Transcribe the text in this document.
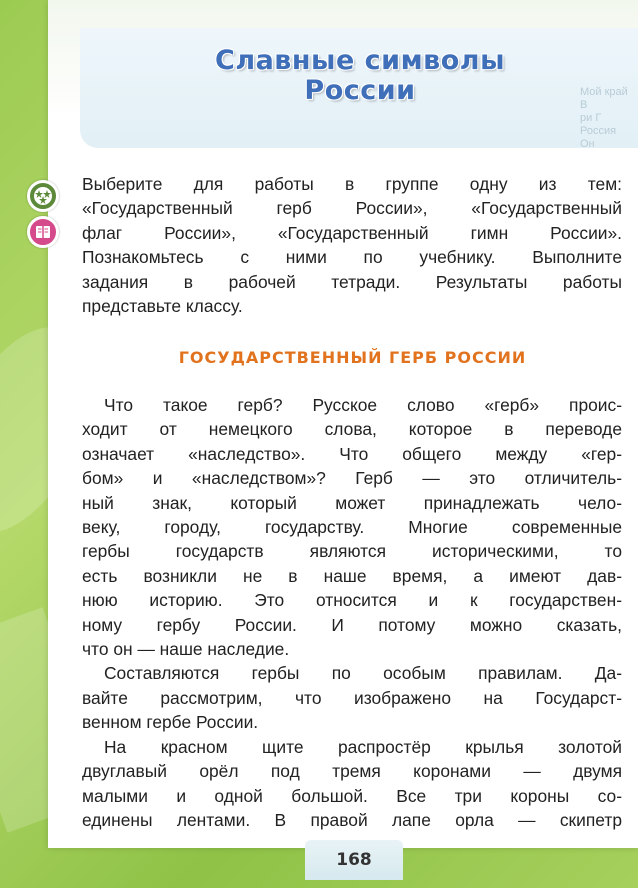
Мой край
В
ри Г
Россия
Он
Славные символы
России
Выберите для работы в группе одну из тем:
«Государственный герб России», «Государственный
флаг России», «Государственный гимн России».
Познакомьтесь с ними по учебнику. Выполните
задания в рабочей тетради. Результаты работы
представьте классу.
ГОСУДАРСТВЕННЫЙ ГЕРБ РОССИИ
Что такое герб? Русское слово «герб» проис-
ходит от немецкого слова, которое в переводе
означает «наследство». Что общего между «гер-
бом» и «наследством»? Герб — это отличитель-
ный знак, который может принадлежать чело-
веку, городу, государству. Многие современные
гербы государств являются историческими, то
есть возникли не в наше время, а имеют дав-
нюю историю. Это относится и к государствен-
ному гербу России. И потому можно сказать,
что он — наше наследие.
Составляются гербы по особым правилам. Да-
вайте рассмотрим, что изображено на Государст-
венном гербе России.
На красном щите распростёр крылья золотой
двуглавый орёл под тремя коронами — двумя
малыми и одной большой. Все три короны со-
единены лентами. В правой лапе орла — скипетр
168
